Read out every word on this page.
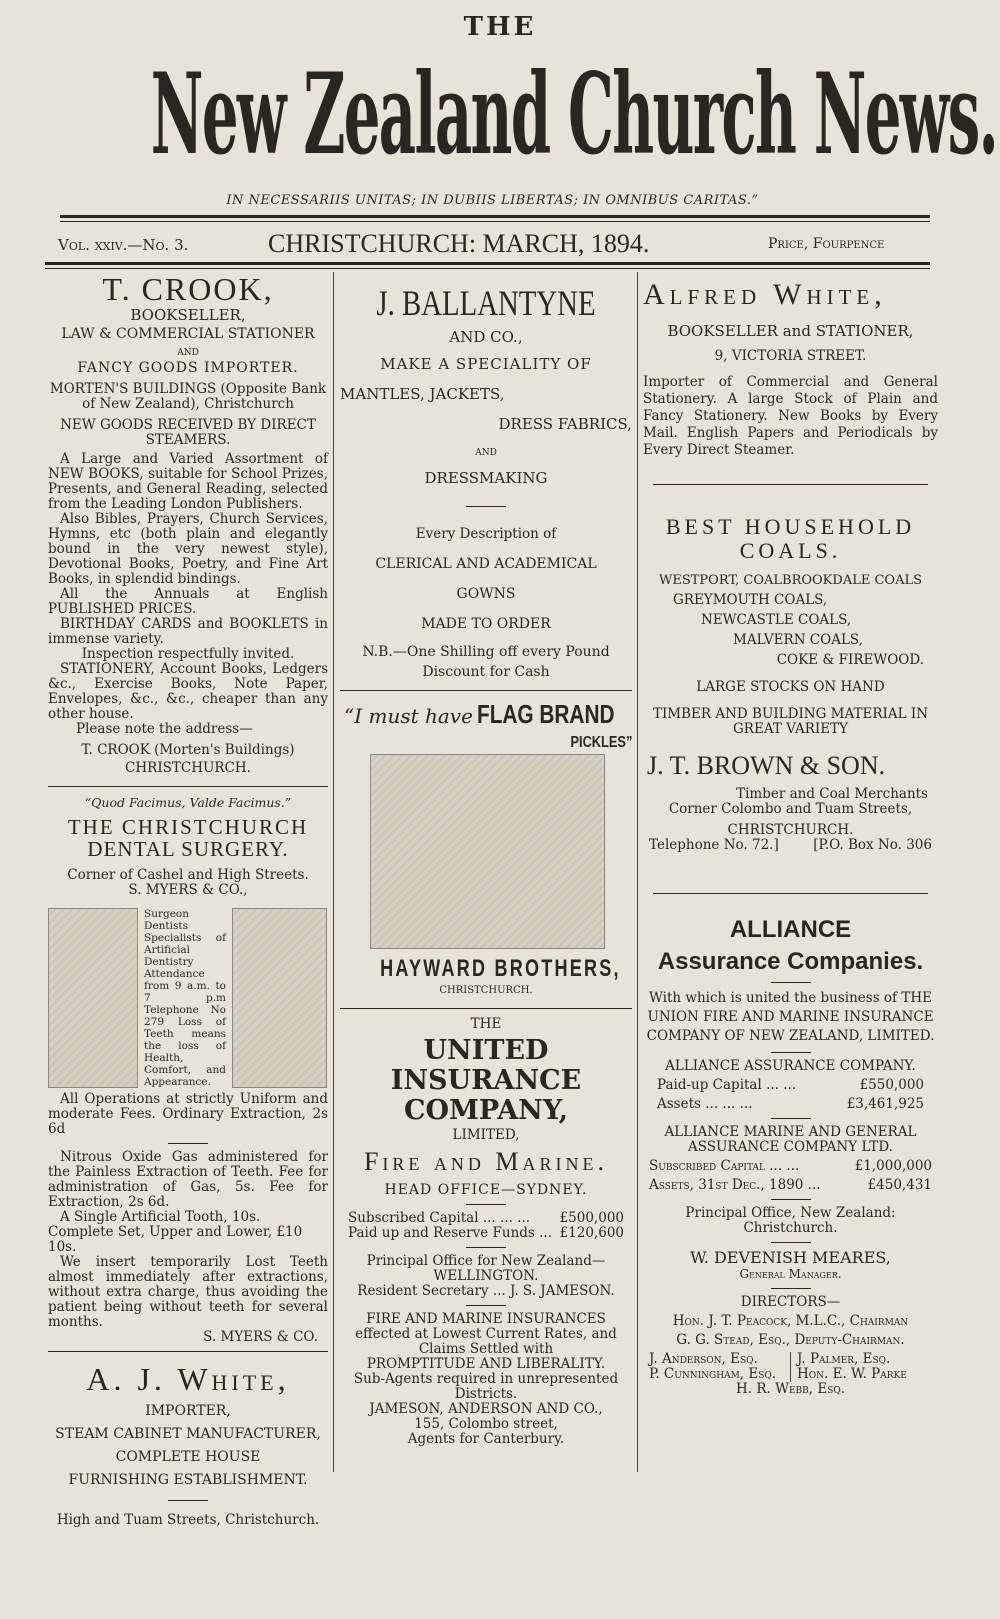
THE
New Zealand Church News.
IN NECESSARIIS UNITAS; IN DUBIIS LIBERTAS; IN OMNIBUS CARITAS.”
Vol. xxiv.—No. 3.	CHRISTCHURCH: MARCH, 1894.	Price, Fourpence
T. CROOK,

BOOKSELLER,

LAW & COMMERCIAL STATIONER

AND

FANCY GOODS IMPORTER.

MORTEN'S BUILDINGS (Opposite Bank of New Zealand), Christchurch

NEW GOODS RECEIVED BY DIRECT STEAMERS.

A Large and Varied Assortment of NEW BOOKS, suitable for School Prizes, Presents, and General Reading, selected from the Leading London Publishers.

Also Bibles, Prayers, Church Services, Hymns, etc (both plain and elegantly bound in the very newest style), Devotional Books, Poetry, and Fine Art Books, in splendid bindings.

All the Annuals at English PUBLISHED PRICES.

BIRTHDAY CARDS and BOOKLETS in immense variety.

Inspection respectfully invited.

STATIONERY, Account Books, Ledgers &c., Exercise Books, Note Paper, Envelopes, &c., &c., cheaper than any other house.

Please note the address—

T. CROOK (Morten's Buildings)

CHRISTCHURCH.

“Quod Facimus, Valde Facimus.”

THE CHRISTCHURCH
DENTAL SURGERY.

Corner of Cashel and High Streets.

S. MYERS & CO.,

Surgeon Dentists Specialists of Artificial Dentistry Attendance from 9 a.m. to 7 p.m Telephone No 279 Loss of Teeth means the loss of Health, Comfort, and Appearance.

All Operations at strictly Uniform and moderate Fees. Ordinary Extraction, 2s 6d

Nitrous Oxide Gas administered for the Painless Extraction of Teeth. Fee for administration of Gas, 5s. Fee for Extraction, 2s 6d.

A Single Artificial Tooth, 10s.

Complete Set, Upper and Lower, £10 10s.

We insert temporarily Lost Teeth almost immediately after extractions, without extra charge, thus avoiding the patient being without teeth for several months.

S. MYERS & CO.

A. J. White,

IMPORTER,

STEAM CABINET MANUFACTURER,

COMPLETE HOUSE

FURNISHING ESTABLISHMENT.

High and Tuam Streets, Christchurch.

J. BALLANTYNE

AND CO.,

MAKE A SPECIALITY OF

MANTLES, JACKETS,

DRESS FABRICS,

AND

DRESSMAKING

Every Description of

CLERICAL AND ACADEMICAL

GOWNS

MADE TO ORDER

N.B.—One Shilling off every Pound Discount for Cash

“I must have FLAG BRAND
PICKLES”
HAYWARD BROTHERS,

CHRISTCHURCH.

THE

UNITED INSURANCE COMPANY,

LIMITED,

Fire and Marine.

HEAD OFFICE—SYDNEY.

Subscribed Capital ... ... ... £500,000

Paid up and Reserve Funds ... £120,600

Principal Office for New Zealand—

WELLINGTON.

Resident Secretary ... J. S. JAMESON.

FIRE AND MARINE INSURANCES

effected at Lowest Current Rates, and Claims Settled with

PROMPTITUDE AND LIBERALITY.

Sub-Agents required in unrepresented Districts.

JAMESON, ANDERSON AND CO.,

155, Colombo street,

Agents for Canterbury.

Alfred White,

BOOKSELLER and STATIONER,

9, VICTORIA STREET.

Importer of Commercial and General Stationery. A large Stock of Plain and Fancy Stationery. New Books by Every Mail. English Papers and Periodicals by Every Direct Steamer.

BEST HOUSEHOLD COALS.

WESTPORT, COALBROOKDALE COALS

GREYMOUTH COALS,

NEWCASTLE COALS,

MALVERN COALS,

COKE & FIREWOOD.

LARGE STOCKS ON HAND

TIMBER AND BUILDING MATERIAL IN GREAT VARIETY

J. T. BROWN & SON.

Timber and Coal Merchants

Corner Colombo and Tuam Streets,

CHRISTCHURCH.

Telephone No. 72.]	[P.O. Box No. 306

ALLIANCE
Assurance Companies.

With which is united the business of THE UNION FIRE AND MARINE INSURANCE COMPANY OF NEW ZEALAND, LIMITED.

ALLIANCE ASSURANCE COMPANY.

Paid-up Capital ... ...	£550,000

Assets ... ... ...	£3,461,925

ALLIANCE MARINE AND GENERAL ASSURANCE COMPANY LTD.

Subscribed Capital ... ...	£1,000,000

Assets, 31st Dec., 1890 ...	£450,431

Principal Office, New Zealand: Christchurch.

W. DEVENISH MEARES,

General Manager.

DIRECTORS—

Hon. J. T. Peacock, M.L.C., Chairman

G. G. Stead, Esq., Deputy-Chairman.

J. Anderson, Esq.

P. Cunningham, Esq.

J. Palmer, Esq.

Hon. E. W. Parke

H. R. Webb, Esq.
